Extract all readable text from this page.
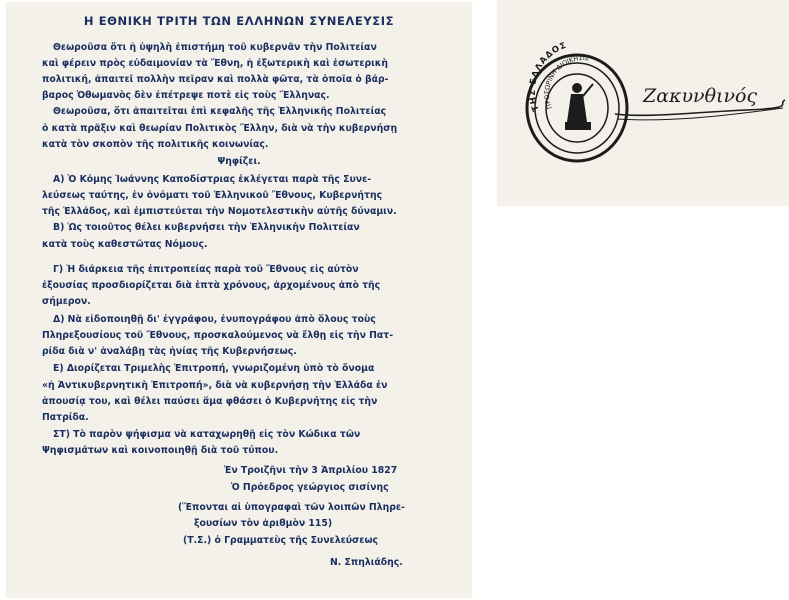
Η ΕΘΝΙΚΗ ΤΡΙΤΗ ΤΩΝ ΕΛΛΗΝΩΝ ΣΥΝΕΛΕΥΣΙΣ
Θεωροῦσα ὅτι ἡ ὑψηλὴ ἐπιστήμη τοῦ κυβερνᾶν τὴν Πολιτείαν
καὶ φέρειν πρὸς εὐδαιμονίαν τὰ Ἔθνη, ἡ ἐξωτερικὴ καὶ ἐσωτερικὴ
πολιτική, ἀπαιτεῖ πολλὴν πεῖραν καὶ πολλὰ φῶτα, τὰ ὁποῖα ὁ βάρ-
βαρος Ὀθωμανὸς δὲν ἐπέτρεψε ποτὲ εἰς τοὺς Ἕλληνας.
Θεωροῦσα, ὅτι ἀπαιτεῖται ἐπὶ κεφαλῆς τῆς Ἑλληνικῆς Πολιτείας
ὁ κατὰ πρᾶξιν καὶ θεωρίαν Πολιτικὸς Ἕλλην, διὰ νὰ τὴν κυβερνήσῃ
κατὰ τὸν σκοπὸν τῆς πολιτικῆς κοινωνίας.
Ψηφίζει.
Α) Ὁ Κόμης Ἰωάννης Καποδίστριας ἐκλέγεται παρὰ τῆς Συνε-
λεύσεως ταύτης, ἐν ὀνόματι τοῦ Ἑλληνικοῦ Ἔθνους, Κυβερνήτης
τῆς Ἑλλάδος, καὶ ἐμπιστεύεται τὴν Νομοτελεστικὴν αὐτῆς δύναμιν.
Β) Ὡς τοιοῦτος θέλει κυβερνήσει τὴν Ἑλληνικὴν Πολιτείαν
κατὰ τοὺς καθεστῶτας Νόμους.
Γ) Ἡ διάρκεια τῆς ἐπιτροπείας παρὰ τοῦ Ἔθνους εἰς αὐτὸν
ἐξουσίας προσδιορίζεται διὰ ἑπτὰ χρόνους, ἀρχομένους ἀπὸ τῆς
σήμερον.
Δ) Νὰ εἰδοποιηθῇ δι' ἐγγράφου, ἐνυπογράφου ἀπὸ ὅλους τοὺς
Πληρεξουσίους τοῦ Ἔθνους, προσκαλούμενος νὰ ἔλθῃ εἰς τὴν Πατ-
ρίδα διὰ ν' ἀναλάβῃ τὰς ἡνίας τῆς Κυβερνήσεως.
Ε) Διορίζεται Τριμελὴς Ἐπιτροπή, γνωριζομένη ὑπὸ τὸ ὄνομα
«ἡ Ἀντικυβερνητικὴ Ἐπιτροπή», διὰ νὰ κυβερνήσῃ τὴν Ἑλλάδα ἐν
ἀπουσίᾳ του, καὶ θέλει παύσει ἅμα φθάσει ὁ Κυβερνήτης εἰς τὴν
Πατρίδα.
ΣΤ) Τὸ παρὸν ψήφισμα νὰ καταχωρηθῇ εἰς τὸν Κώδικα τῶν
Ψηφισμάτων καὶ κοινοποιηθῇ διὰ τοῦ τύπου.
Ἐν Τροιζῆνι τὴν 3 Ἀπριλίου 1827
Ὁ Πρόεδρος γεώργιος σισίνης
(Ἕπονται αἱ ὑπογραφαὶ τῶν λοιπῶν Πληρε-
ξουσίων τὸν ἀριθμὸν 115)
(Τ.Σ.) ὁ Γραμματεὺς τῆς Συνελεύσεως
Ν. Σπηλιάδης.
ΤΗΣ ΕΛΛΑΔΟΣ
ΠΡΟΣΩΡΙΝΗ ΔΙΟΙΚΗΣΙΣ
Ζακυνθινός
